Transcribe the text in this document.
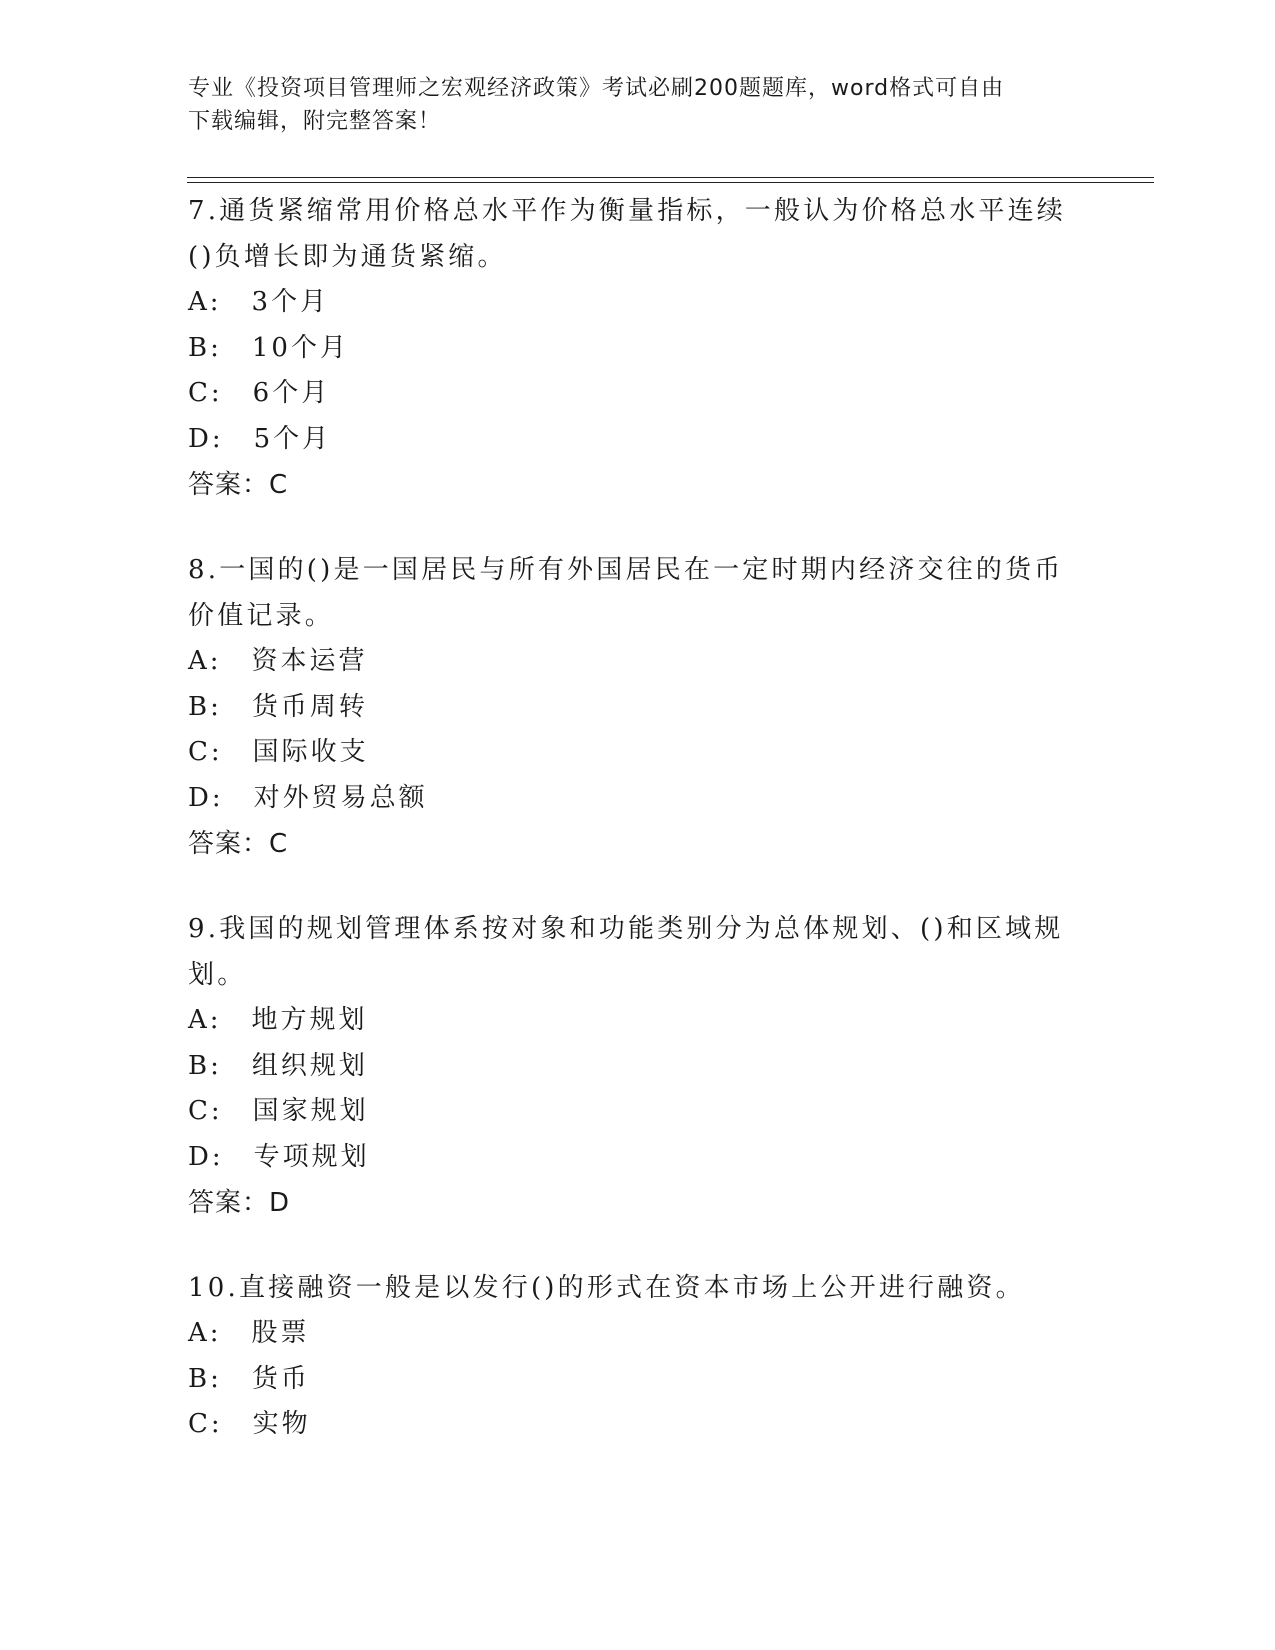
专业《投资项目管理师之宏观经济政策》考试必刷200题题库，word格式可自由
下载编辑，附完整答案！

7.通货紧缩常用价格总水平作为衡量指标，一般认为价格总水平连续
()负增长即为通货紧缩。

A: 3个月

B: 10个月

C: 6个月

D: 5个月

答案：C

8.一国的()是一国居民与所有外国居民在一定时期内经济交往的货币
价值记录。

A: 资本运营

B: 货币周转

C: 国际收支

D: 对外贸易总额

答案：C

9.我国的规划管理体系按对象和功能类别分为总体规划、()和区域规
划。

A: 地方规划

B: 组织规划

C: 国家规划

D: 专项规划

答案：D

10.直接融资一般是以发行()的形式在资本市场上公开进行融资。

A: 股票

B: 货币

C: 实物
